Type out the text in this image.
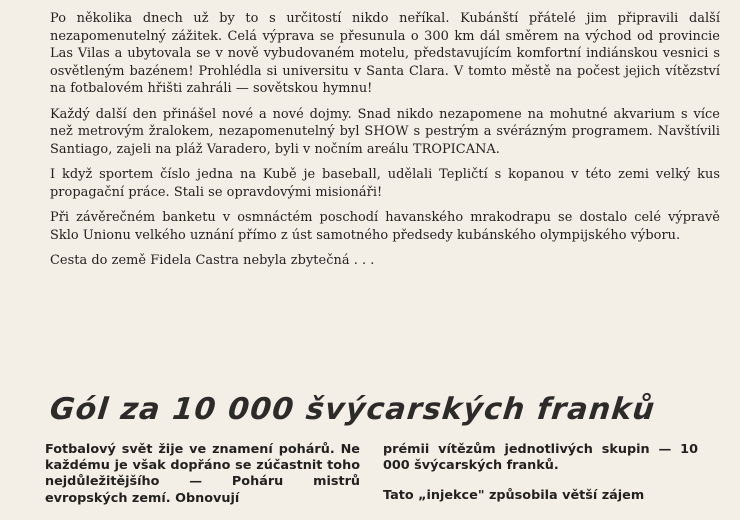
Po několika dnech už by to s určitostí nikdo neříkal. Kubánští přátelé jim připravili další nezapomenutelný zážitek. Celá výprava se přesunula o 300 km dál směrem na východ od provincie Las Vilas a ubytovala se v nově vybudovaném motelu, představujícím komfortní indiánskou vesnici s osvětleným bazénem! Prohlédla si universitu v Santa Clara. V tomto městě na počest jejich vítězství na fotbalovém hřišti zahráli — sovětskou hymnu!

Každý další den přinášel nové a nové dojmy. Snad nikdo nezapomene na mohutné akvarium s více než metrovým žralokem, nezapomenutelný byl SHOW s pestrým a svérázným programem. Navštívili Santiago, zajeli na pláž Varadero, byli v nočním areálu TROPICANA.

I když sportem číslo jedna na Kubě je baseball, udělali Tepličtí s kopanou v této zemi velký kus propagační práce. Stali se opravdovými misionáři!

Při závěrečném banketu v osmnáctém poschodí havanského mrakodrapu se dostalo celé výpravě Sklo Unionu velkého uznání přímo z úst samotného předsedy kubánského olympijského výboru.

Cesta do země Fidela Castra nebyla zbytečná . . .

Gól za 10 000 švýcarských franků

Fotbalový svět žije ve znamení pohárů. Ne každému je však dopřáno se zúčastnit toho nejdůležitějšího — Poháru mistrů evropských zemí. Obnovují

prémii vítězům jednotlivých skupin — 10 000 švýcarských franků.

Tato „injekce" způsobila větší zájem
